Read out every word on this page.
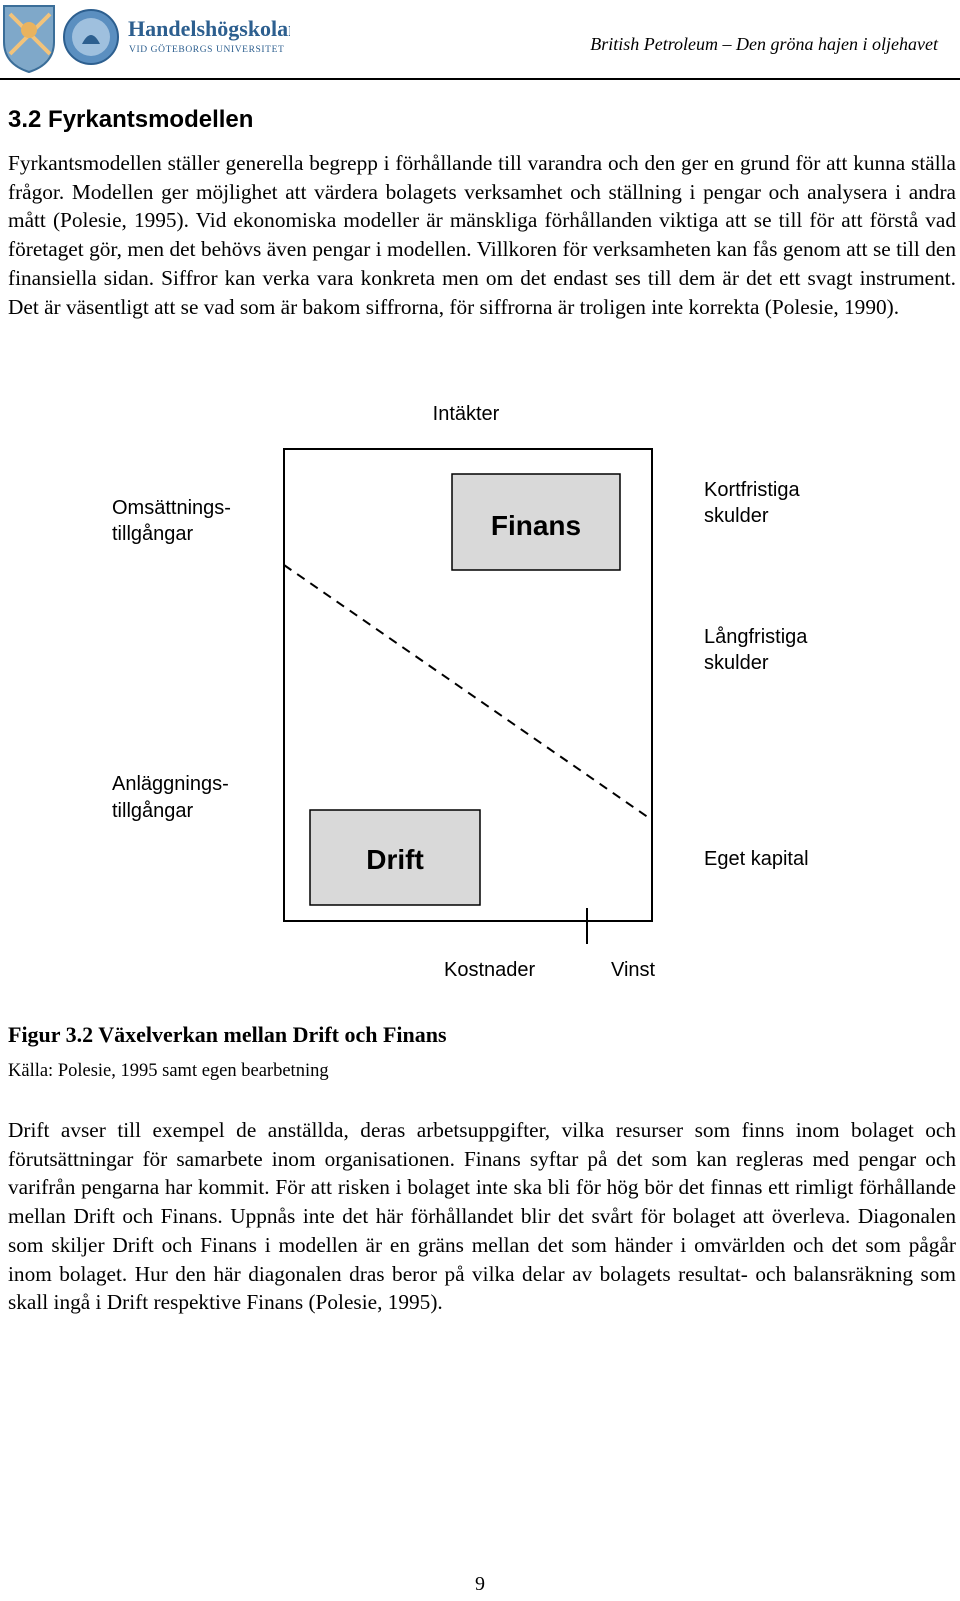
Handelshögskolan
VID GÖTEBORGS UNIVERSITET	British Petroleum – Den gröna hajen i oljehavet
3.2 Fyrkantsmodellen
Fyrkantsmodellen ställer generella begrepp i förhållande till varandra och den ger en grund för att kunna ställa frågor. Modellen ger möjlighet att värdera bolagets verksamhet och ställning i pengar och analysera i andra mått (Polesie, 1995). Vid ekonomiska modeller är mänskliga förhållanden viktiga att se till för att förstå vad företaget gör, men det behövs även pengar i modellen. Villkoren för verksamheten kan fås genom att se till den finansiella sidan. Siffror kan verka vara konkreta men om det endast ses till dem är det ett svagt instrument. Det är väsentligt att se vad som är bakom siffrorna, för siffrorna är troligen inte korrekta (Polesie, 1990).
Intäkter
Finans
Drift
Omsättnings-
tillgångar
Anläggnings-
tillgångar
Kortfristiga
skulder
Långfristiga
skulder
Eget kapital
Kostnader	Vinst
Figur 3.2 Växelverkan mellan Drift och Finans
Källa: Polesie, 1995 samt egen bearbetning
Drift avser till exempel de anställda, deras arbetsuppgifter, vilka resurser som finns inom bolaget och förutsättningar för samarbete inom organisationen. Finans syftar på det som kan regleras med pengar och varifrån pengarna har kommit. För att risken i bolaget inte ska bli för hög bör det finnas ett rimligt förhållande mellan Drift och Finans. Uppnås inte det här förhållandet blir det svårt för bolaget att överleva. Diagonalen som skiljer Drift och Finans i modellen är en gräns mellan det som händer i omvärlden och det som pågår inom bolaget. Hur den här diagonalen dras beror på vilka delar av bolagets resultat- och balansräkning som skall ingå i Drift respektive Finans (Polesie, 1995).
9
